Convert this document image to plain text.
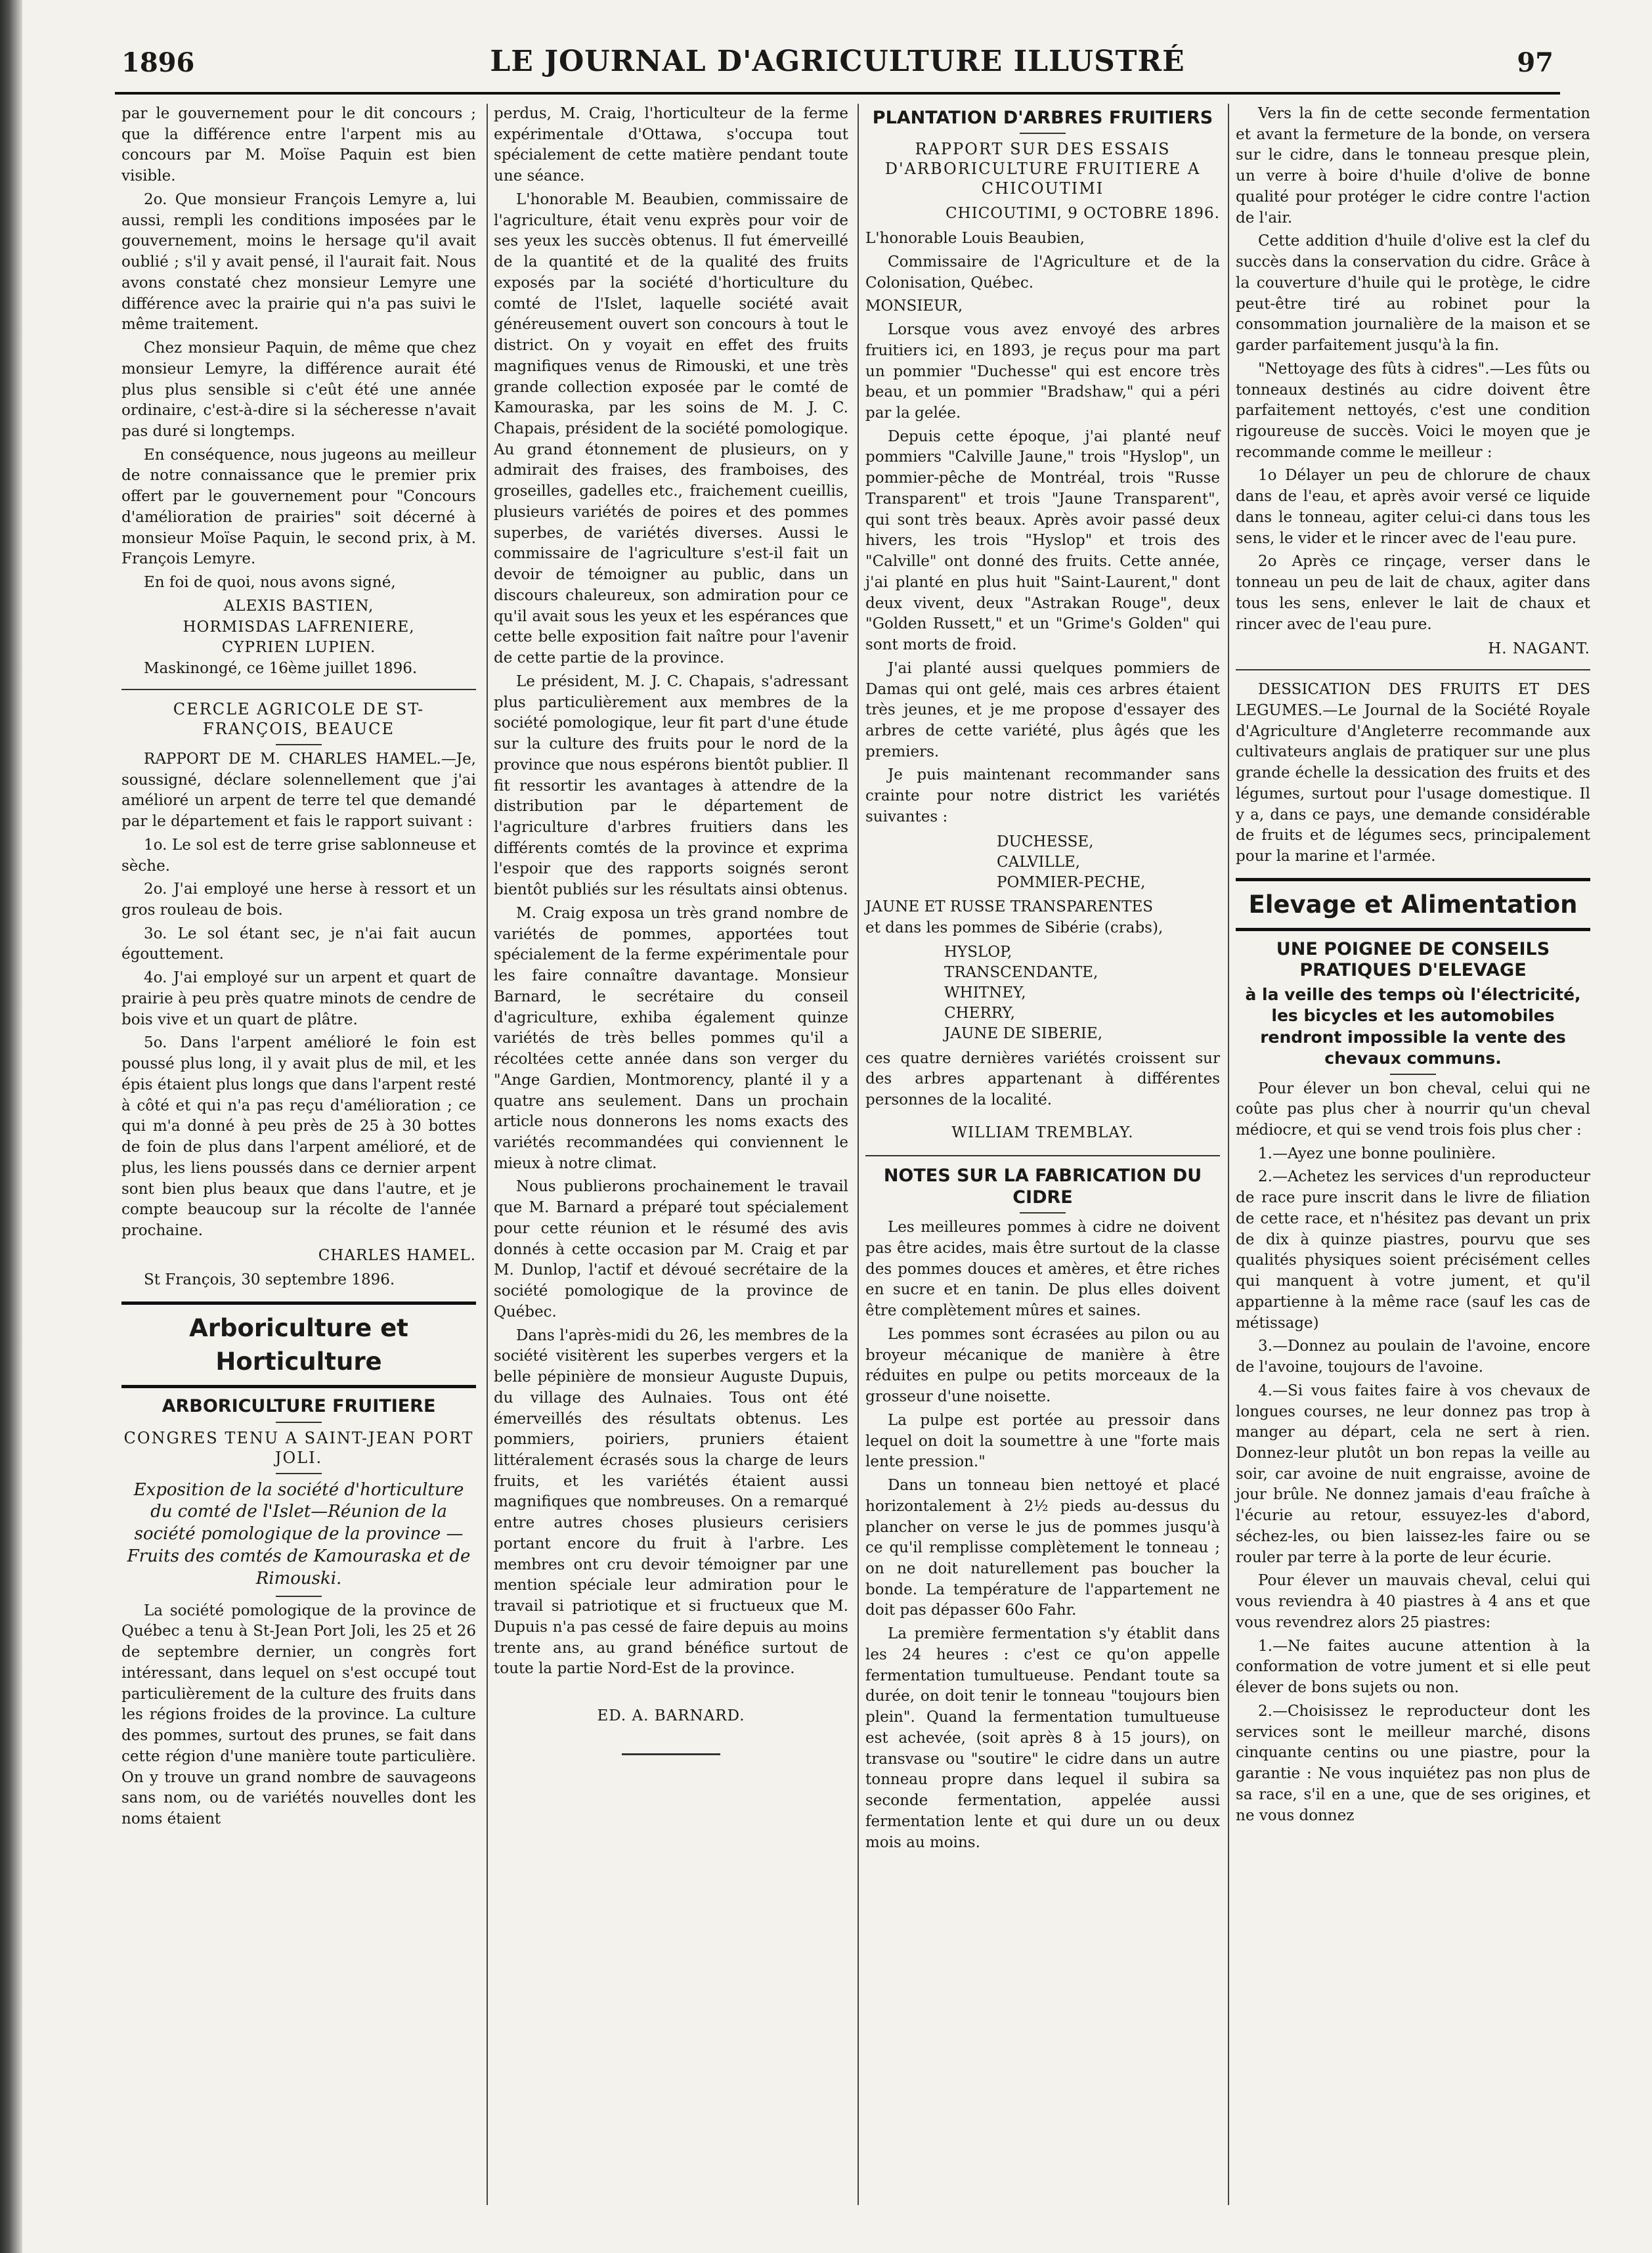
1896	LE JOURNAL D'AGRICULTURE ILLUSTRÉ	97

par le gouvernement pour le dit concours ; que la différence entre l'arpent mis au concours par M. Moïse Paquin est bien visible.

2o. Que monsieur François Lemyre a, lui aussi, rempli les conditions imposées par le gouvernement, moins le hersage qu'il avait oublié ; s'il y avait pensé, il l'aurait fait. Nous avons constaté chez monsieur Lemyre une différence avec la prairie qui n'a pas suivi le même traitement.

Chez monsieur Paquin, de même que chez monsieur Lemyre, la différence aurait été plus plus sensible si c'eût été une année ordinaire, c'est-à-dire si la sécheresse n'avait pas duré si longtemps.

En conséquence, nous jugeons au meilleur de notre connaissance que le premier prix offert par le gouvernement pour "Concours d'amélioration de prairies" soit décerné à monsieur Moïse Paquin, le second prix, à M. François Lemyre.

En foi de quoi, nous avons signé,

ALEXIS BASTIEN,
HORMISDAS LAFRENIERE,
CYPRIEN LUPIEN.

Maskinongé, ce 16ème juillet 1896.

CERCLE AGRICOLE DE ST-FRANÇOIS, BEAUCE

RAPPORT DE M. CHARLES HAMEL.—Je, soussigné, déclare solennellement que j'ai amélioré un arpent de terre tel que demandé par le département et fais le rapport suivant :

1o. Le sol est de terre grise sablonneuse et sèche.

2o. J'ai employé une herse à ressort et un gros rouleau de bois.

3o. Le sol étant sec, je n'ai fait aucun égouttement.

4o. J'ai employé sur un arpent et quart de prairie à peu près quatre minots de cendre de bois vive et un quart de plâtre.

5o. Dans l'arpent amélioré le foin est poussé plus long, il y avait plus de mil, et les épis étaient plus longs que dans l'arpent resté à côté et qui n'a pas reçu d'amélioration ; ce qui m'a donné à peu près de 25 à 30 bottes de foin de plus dans l'arpent amélioré, et de plus, les liens poussés dans ce dernier arpent sont bien plus beaux que dans l'autre, et je compte beaucoup sur la récolte de l'année prochaine.

CHARLES HAMEL.

St François, 30 septembre 1896.

Arboriculture et Horticulture
ARBORICULTURE FRUITIERE
CONGRES TENU A SAINT-JEAN PORT JOLI.
Exposition de la société d'horticulture du comté de l'Islet—Réunion de la société pomologique de la province — Fruits des comtés de Kamouraska et de Rimouski.

La société pomologique de la province de Québec a tenu à St-Jean Port Joli, les 25 et 26 de septembre dernier, un congrès fort intéressant, dans lequel on s'est occupé tout particulièrement de la culture des fruits dans les régions froides de la province. La culture des pommes, surtout des prunes, se fait dans cette région d'une manière toute particulière. On y trouve un grand nombre de sauvageons sans nom, ou de variétés nouvelles dont les noms étaient

perdus, M. Craig, l'horticulteur de la ferme expérimentale d'Ottawa, s'occupa tout spécialement de cette matière pendant toute une séance.

L'honorable M. Beaubien, commissaire de l'agriculture, était venu exprès pour voir de ses yeux les succès obtenus. Il fut émerveillé de la quantité et de la qualité des fruits exposés par la société d'horticulture du comté de l'Islet, laquelle société avait généreusement ouvert son concours à tout le district. On y voyait en effet des fruits magnifiques venus de Rimouski, et une très grande collection exposée par le comté de Kamouraska, par les soins de M. J. C. Chapais, président de la société pomologique. Au grand étonnement de plusieurs, on y admirait des fraises, des framboises, des groseilles, gadelles etc., fraichement cueillis, plusieurs variétés de poires et des pommes superbes, de variétés diverses. Aussi le commissaire de l'agriculture s'est-il fait un devoir de témoigner au public, dans un discours chaleureux, son admiration pour ce qu'il avait sous les yeux et les espérances que cette belle exposition fait naître pour l'avenir de cette partie de la province.

Le président, M. J. C. Chapais, s'adressant plus particulièrement aux membres de la société pomologique, leur fit part d'une étude sur la culture des fruits pour le nord de la province que nous espérons bientôt publier. Il fit ressortir les avantages à attendre de la distribution par le département de l'agriculture d'arbres fruitiers dans les différents comtés de la province et exprima l'espoir que des rapports soignés seront bientôt publiés sur les résultats ainsi obtenus.

M. Craig exposa un très grand nombre de variétés de pommes, apportées tout spécialement de la ferme expérimentale pour les faire connaître davantage. Monsieur Barnard, le secrétaire du conseil d'agriculture, exhiba également quinze variétés de très belles pommes qu'il a récoltées cette année dans son verger du "Ange Gardien, Montmorency, planté il y a quatre ans seulement. Dans un prochain article nous donnerons les noms exacts des variétés recommandées qui conviennent le mieux à notre climat.

Nous publierons prochainement le travail que M. Barnard a préparé tout spécialement pour cette réunion et le résumé des avis donnés à cette occasion par M. Craig et par M. Dunlop, l'actif et dévoué secrétaire de la société pomologique de la province de Québec.

Dans l'après-midi du 26, les membres de la société visitèrent les superbes vergers et la belle pépinière de monsieur Auguste Dupuis, du village des Aulnaies. Tous ont été émerveillés des résultats obtenus. Les pommiers, poiriers, pruniers étaient littéralement écrasés sous la charge de leurs fruits, et les variétés étaient aussi magnifiques que nombreuses. On a remarqué entre autres choses plusieurs cerisiers portant encore du fruit à l'arbre. Les membres ont cru devoir témoigner par une mention spéciale leur admiration pour le travail si patriotique et si fructueux que M. Dupuis n'a pas cessé de faire depuis au moins trente ans, au grand bénéfice surtout de toute la partie Nord-Est de la province.

ED. A. BARNARD.
PLANTATION D'ARBRES FRUITIERS
RAPPORT SUR DES ESSAIS D'ARBORICULTURE FRUITIERE A CHICOUTIMI
CHICOUTIMI, 9 OCTOBRE 1896.

L'honorable Louis Beaubien,

Commissaire de l'Agriculture et de la Colonisation, Québec.

MONSIEUR,

Lorsque vous avez envoyé des arbres fruitiers ici, en 1893, je reçus pour ma part un pommier "Duchesse" qui est encore très beau, et un pommier "Bradshaw," qui a péri par la gelée.

Depuis cette époque, j'ai planté neuf pommiers "Calville Jaune," trois "Hyslop", un pommier-pêche de Montréal, trois "Russe Transparent" et trois "Jaune Transparent", qui sont très beaux. Après avoir passé deux hivers, les trois "Hyslop" et trois des "Calville" ont donné des fruits. Cette année, j'ai planté en plus huit "Saint-Laurent," dont deux vivent, deux "Astrakan Rouge", deux "Golden Russett," et un "Grime's Golden" qui sont morts de froid.

J'ai planté aussi quelques pommiers de Damas qui ont gelé, mais ces arbres étaient très jeunes, et je me propose d'essayer des arbres de cette variété, plus âgés que les premiers.

Je puis maintenant recommander sans crainte pour notre district les variétés suivantes :

DUCHESSE,
CALVILLE,
POMMIER-PECHE,
JAUNE ET RUSSE TRANSPARENTES

et dans les pommes de Sibérie (crabs),

HYSLOP,
TRANSCENDANTE,
WHITNEY,
CHERRY,
JAUNE DE SIBERIE,

ces quatre dernières variétés croissent sur des arbres appartenant à différentes personnes de la localité.

WILLIAM TREMBLAY.
NOTES SUR LA FABRICATION DU CIDRE

Les meilleures pommes à cidre ne doivent pas être acides, mais être surtout de la classe des pommes douces et amères, et être riches en sucre et en tanin. De plus elles doivent être complètement mûres et saines.

Les pommes sont écrasées au pilon ou au broyeur mécanique de manière à être réduites en pulpe ou petits morceaux de la grosseur d'une noisette.

La pulpe est portée au pressoir dans lequel on doit la soumettre à une "forte mais lente pression."

Dans un tonneau bien nettoyé et placé horizontalement à 2½ pieds au-dessus du plancher on verse le jus de pommes jusqu'à ce qu'il remplisse complètement le tonneau ; on ne doit naturellement pas boucher la bonde. La température de l'appartement ne doit pas dépasser 60o Fahr.

La première fermentation s'y établit dans les 24 heures : c'est ce qu'on appelle fermentation tumultueuse. Pendant toute sa durée, on doit tenir le tonneau "toujours bien plein". Quand la fermentation tumultueuse est achevée, (soit après 8 à 15 jours), on transvase ou "soutire" le cidre dans un autre tonneau propre dans lequel il subira sa seconde fermentation, appelée aussi fermentation lente et qui dure un ou deux mois au moins.

Vers la fin de cette seconde fermentation et avant la fermeture de la bonde, on versera sur le cidre, dans le tonneau presque plein, un verre à boire d'huile d'olive de bonne qualité pour protéger le cidre contre l'action de l'air.

Cette addition d'huile d'olive est la clef du succès dans la conservation du cidre. Grâce à la couverture d'huile qui le protège, le cidre peut-être tiré au robinet pour la consommation journalière de la maison et se garder parfaitement jusqu'à la fin.

"Nettoyage des fûts à cidres".—Les fûts ou tonneaux destinés au cidre doivent être parfaitement nettoyés, c'est une condition rigoureuse de succès. Voici le moyen que je recommande comme le meilleur :

1o Délayer un peu de chlorure de chaux dans de l'eau, et après avoir versé ce liquide dans le tonneau, agiter celui-ci dans tous les sens, le vider et le rincer avec de l'eau pure.

2o Après ce rinçage, verser dans le tonneau un peu de lait de chaux, agiter dans tous les sens, enlever le lait de chaux et rincer avec de l'eau pure.

H. NAGANT.

DESSICATION DES FRUITS ET DES LEGUMES.—Le Journal de la Société Royale d'Agriculture d'Angleterre recommande aux cultivateurs anglais de pratiquer sur une plus grande échelle la dessication des fruits et des légumes, surtout pour l'usage domestique. Il y a, dans ce pays, une demande considérable de fruits et de légumes secs, principalement pour la marine et l'armée.

Elevage et Alimentation
UNE POIGNEE DE CONSEILS PRATIQUES D'ELEVAGE
à la veille des temps où l'électricité, les bicycles et les automobiles rendront impossible la vente des chevaux communs.

Pour élever un bon cheval, celui qui ne coûte pas plus cher à nourrir qu'un cheval médiocre, et qui se vend trois fois plus cher :

1.—Ayez une bonne poulinière.

2.—Achetez les services d'un reproducteur de race pure inscrit dans le livre de filiation de cette race, et n'hésitez pas devant un prix de dix à quinze piastres, pourvu que ses qualités physiques soient précisément celles qui manquent à votre jument, et qu'il appartienne à la même race (sauf les cas de métissage)

3.—Donnez au poulain de l'avoine, encore de l'avoine, toujours de l'avoine.

4.—Si vous faites faire à vos chevaux de longues courses, ne leur donnez pas trop à manger au départ, cela ne sert à rien. Donnez-leur plutôt un bon repas la veille au soir, car avoine de nuit engraisse, avoine de jour brûle. Ne donnez jamais d'eau fraîche à l'écurie au retour, essuyez-les d'abord, séchez-les, ou bien laissez-les faire ou se rouler par terre à la porte de leur écurie.

Pour élever un mauvais cheval, celui qui vous reviendra à 40 piastres à 4 ans et que vous revendrez alors 25 piastres:

1.—Ne faites aucune attention à la conformation de votre jument et si elle peut élever de bons sujets ou non.

2.—Choisissez le reproducteur dont les services sont le meilleur marché, disons cinquante centins ou une piastre, pour la garantie : Ne vous inquiétez pas non plus de sa race, s'il en a une, que de ses origines, et ne vous donnez
